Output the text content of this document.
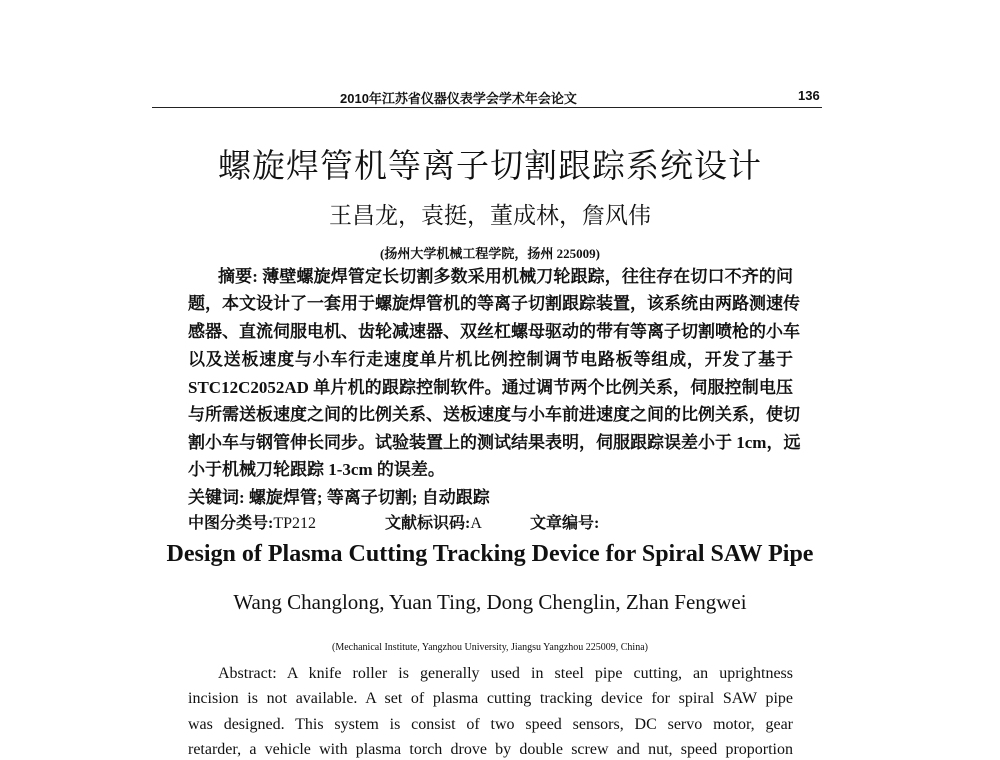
2010年江苏省仪器仪表学会学术年会论文	136
螺旋焊管机等离子切割跟踪系统设计
王昌龙，袁挺，董成林，詹风伟
(扬州大学机械工程学院，扬州 225009)
摘要: 薄壁螺旋焊管定长切割多数采用机械刀轮跟踪，往往存在切口不齐的问
题，本文设计了一套用于螺旋焊管机的等离子切割跟踪装置，该系统由两路测速传
感器、直流伺服电机、齿轮减速器、双丝杠螺母驱动的带有等离子切割喷枪的小车
以及送板速度与小车行走速度单片机比例控制调节电路板等组成，开发了基于
STC12C2052AD 单片机的跟踪控制软件。通过调节两个比例关系，伺服控制电压
与所需送板速度之间的比例关系、送板速度与小车前进速度之间的比例关系，使切
割小车与钢管伸长同步。试验装置上的测试结果表明，伺服跟踪误差小于 1cm，远
小于机械刀轮跟踪 1-3cm 的误差。
关键词: 螺旋焊管; 等离子切割; 自动跟踪
中图分类号:TP212	文献标识码:A	文章编号:
Design of Plasma Cutting Tracking Device for Spiral SAW Pipe
Wang Changlong, Yuan Ting, Dong Chenglin, Zhan Fengwei
(Mechanical Institute, Yangzhou University, Jiangsu Yangzhou 225009, China)
Abstract: A knife roller is generally used in steel pipe cutting, an uprightness
incision is not available. A set of plasma cutting tracking device for spiral SAW pipe
was designed. This system is consist of two speed sensors, DC servo motor, gear
retarder, a vehicle with plasma torch drove by double screw and nut, speed proportion
